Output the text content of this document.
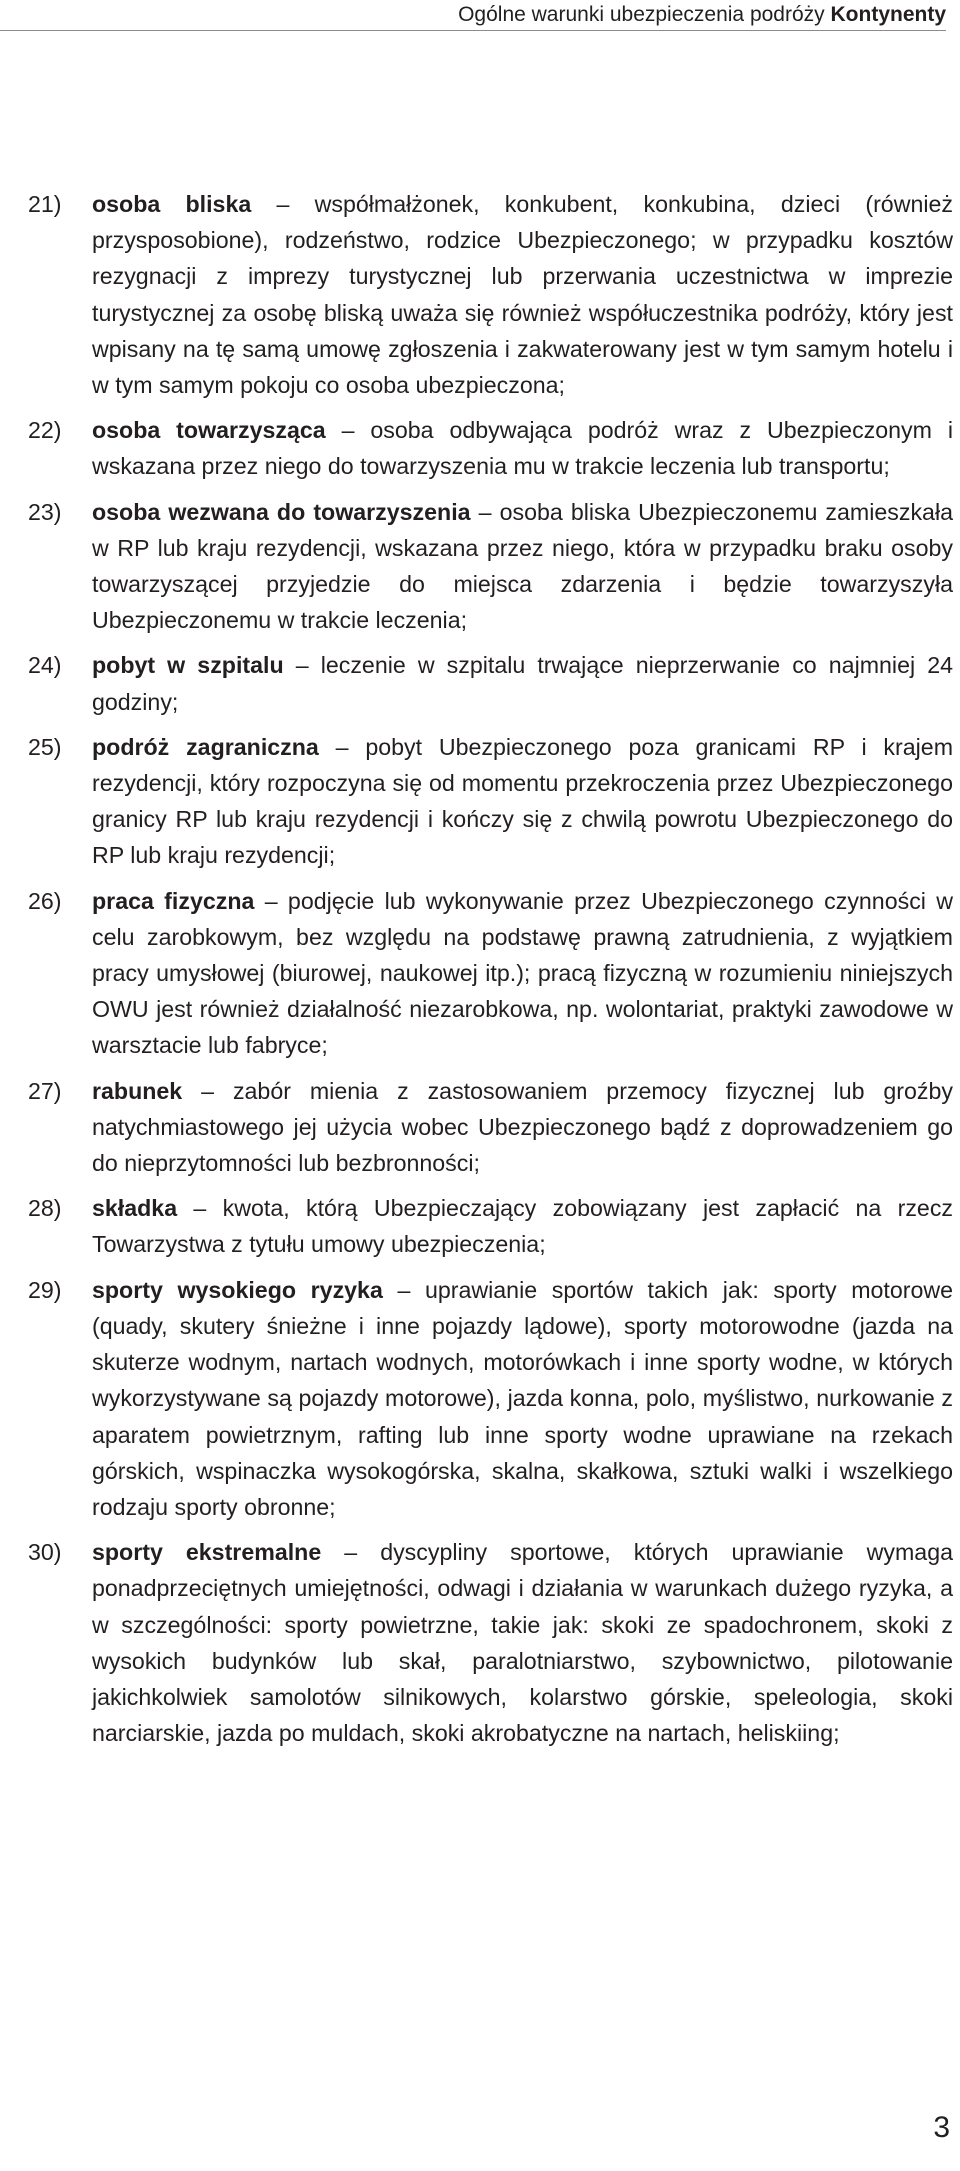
Ogólne warunki ubezpieczenia podróży Kontynenty
21)	osoba bliska – współmałżonek, konkubent, konkubina, dzieci (również przysposobione), rodzeństwo, rodzice Ubezpieczonego; w przypadku kosztów rezygnacji z imprezy turystycznej lub przerwania uczestnictwa w imprezie turystycznej za osobę bliską uważa się również współuczestnika podróży, który jest wpisany na tę samą umowę zgłoszenia i zakwaterowany jest w tym samym hotelu i w tym samym pokoju co osoba ubezpieczona;
22)	osoba towarzysząca – osoba odbywająca podróż wraz z Ubezpieczonym i wskazana przez niego do towarzyszenia mu w trakcie leczenia lub transportu;
23)	osoba wezwana do towarzyszenia – osoba bliska Ubezpieczonemu zamieszkała w RP lub kraju rezydencji, wskazana przez niego, która w przypadku braku osoby towarzyszącej przyjedzie do miejsca zdarzenia i będzie towarzyszyła Ubezpieczonemu w trakcie leczenia;
24)	pobyt w szpitalu – leczenie w szpitalu trwające nieprzerwanie co najmniej 24 godziny;
25)	podróż zagraniczna – pobyt Ubezpieczonego poza granicami RP i krajem rezydencji, który rozpoczyna się od momentu przekroczenia przez Ubezpieczonego granicy RP lub kraju rezydencji i kończy się z chwilą powrotu Ubezpieczonego do RP lub kraju rezydencji;
26)	praca fizyczna – podjęcie lub wykonywanie przez Ubezpieczonego czynności w celu zarobkowym, bez względu na podstawę prawną zatrudnienia, z wyjątkiem pracy umysłowej (biurowej, naukowej itp.); pracą fizyczną w rozumieniu niniejszych OWU jest również działalność niezarobkowa, np. wolontariat, praktyki zawodowe w warsztacie lub fabryce;
27)	rabunek – zabór mienia z zastosowaniem przemocy fizycznej lub groźby natychmiastowego jej użycia wobec Ubezpieczonego bądź z doprowadzeniem go do nieprzytomności lub bezbronności;
28)	składka – kwota, którą Ubezpieczający zobowiązany jest zapłacić na rzecz Towarzystwa z tytułu umowy ubezpieczenia;
29)	sporty wysokiego ryzyka – uprawianie sportów takich jak: sporty motorowe (quady, skutery śnieżne i inne pojazdy lądowe), sporty motorowodne (jazda na skuterze wodnym, nartach wodnych, motorówkach i inne sporty wodne, w których wykorzystywane są pojazdy motorowe), jazda konna, polo, myślistwo, nurkowanie z aparatem powietrznym, rafting lub inne sporty wodne uprawiane na rzekach górskich, wspinaczka wysokogórska, skalna, skałkowa, sztuki walki i wszelkiego rodzaju sporty obronne;
30)	sporty ekstremalne – dyscypliny sportowe, których uprawianie wymaga ponadprzeciętnych umiejętności, odwagi i działania w warunkach dużego ryzyka, a w szczególności: sporty powietrzne, takie jak: skoki ze spadochronem, skoki z wysokich budynków lub skał, paralotniarstwo, szybownictwo, pilotowanie jakichkolwiek samolotów silnikowych, kolarstwo górskie, speleologia, skoki narciarskie, jazda po muldach, skoki akrobatyczne na nartach, heliskiing;
3
